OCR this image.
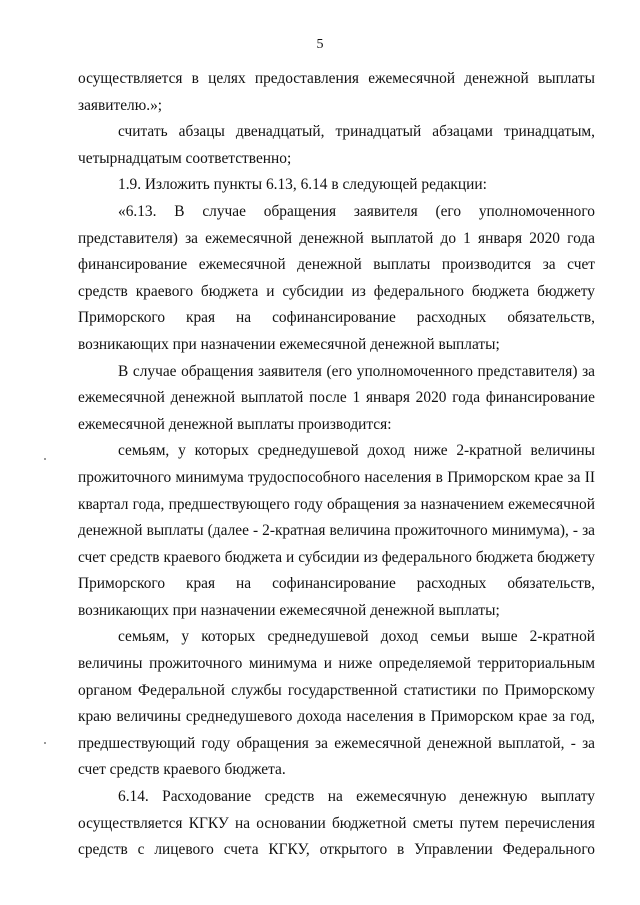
5

осуществляется в целях предоставления ежемесячной денежной выплаты заявителю.»;

считать абзацы двенадцатый, тринадцатый абзацами тринадцатым, четырнадцатым соответственно;

1.9. Изложить пункты 6.13, 6.14 в следующей редакции:

«6.13. В случае обращения заявителя (его уполномоченного представителя) за ежемесячной денежной выплатой до 1 января 2020 года финансирование ежемесячной денежной выплаты производится за счет средств краевого бюджета и субсидии из федерального бюджета бюджету Приморского края на софинансирование расходных обязательств, возникающих при назначении ежемесячной денежной выплаты;

В случае обращения заявителя (его уполномоченного представителя) за ежемесячной денежной выплатой после 1 января 2020 года финансирование ежемесячной денежной выплаты производится:

семьям, у которых среднедушевой доход ниже 2-кратной величины прожиточного минимума трудоспособного населения в Приморском крае за II квартал года, предшествующего году обращения за назначением ежемесячной денежной выплаты (далее - 2-кратная величина прожиточного минимума), - за счет средств краевого бюджета и субсидии из федерального бюджета бюджету Приморского края на софинансирование расходных обязательств, возникающих при назначении ежемесячной денежной выплаты;

семьям, у которых среднедушевой доход семьи выше 2-кратной величины прожиточного минимума и ниже определяемой территориальным органом Федеральной службы государственной статистики по Приморскому краю величины среднедушевого дохода населения в Приморском крае за год, предшествующий году обращения за ежемесячной денежной выплатой, - за счет средств краевого бюджета.

6.14. Расходование средств на ежемесячную денежную выплату осуществляется КГКУ на основании бюджетной сметы путем перечисления средств с лицевого счета КГКУ, открытого в Управлении Федерального
